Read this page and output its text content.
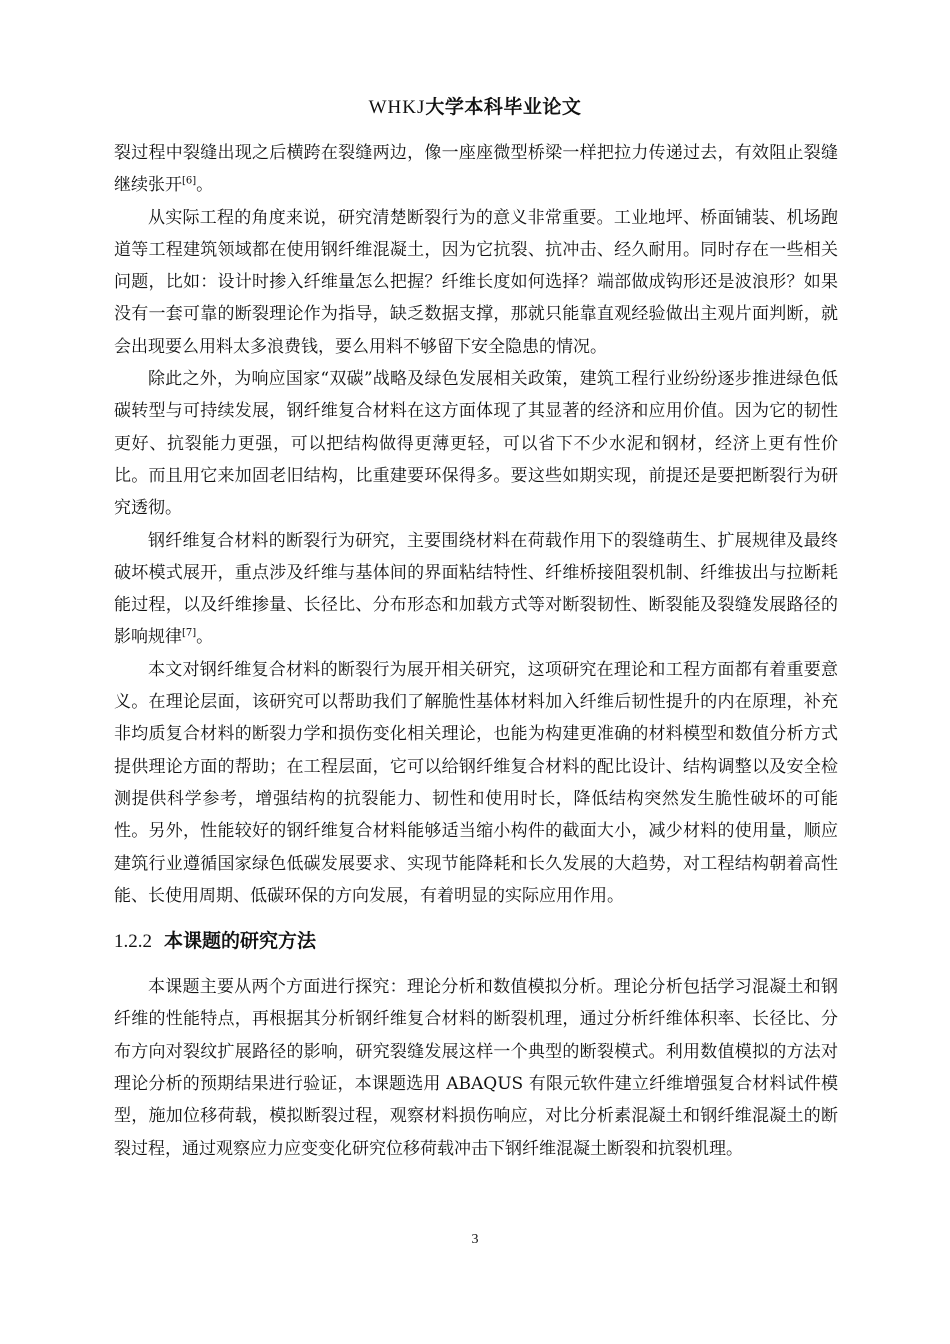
WHKJ大学本科毕业论文

裂过程中裂缝出现之后横跨在裂缝两边，像一座座微型桥梁一样把拉力传递过去，有效阻止裂缝继续张开[6]。

从实际工程的角度来说，研究清楚断裂行为的意义非常重要。工业地坪、桥面铺装、机场跑道等工程建筑领域都在使用钢纤维混凝土，因为它抗裂、抗冲击、经久耐用。同时存在一些相关问题，比如：设计时掺入纤维量怎么把握？纤维长度如何选择？端部做成钩形还是波浪形？如果没有一套可靠的断裂理论作为指导，缺乏数据支撑，那就只能靠直观经验做出主观片面判断，就会出现要么用料太多浪费钱，要么用料不够留下安全隐患的情况。

除此之外，为响应国家“双碳”战略及绿色发展相关政策，建筑工程行业纷纷逐步推进绿色低碳转型与可持续发展，钢纤维复合材料在这方面体现了其显著的经济和应用价值。因为它的韧性更好、抗裂能力更强，可以把结构做得更薄更轻，可以省下不少水泥和钢材，经济上更有性价比。而且用它来加固老旧结构，比重建要环保得多。要这些如期实现，前提还是要把断裂行为研究透彻。

钢纤维复合材料的断裂行为研究，主要围绕材料在荷载作用下的裂缝萌生、扩展规律及最终破坏模式展开，重点涉及纤维与基体间的界面粘结特性、纤维桥接阻裂机制、纤维拔出与拉断耗能过程，以及纤维掺量、长径比、分布形态和加载方式等对断裂韧性、断裂能及裂缝发展路径的影响规律[7]。

本文对钢纤维复合材料的断裂行为展开相关研究，这项研究在理论和工程方面都有着重要意义。在理论层面，该研究可以帮助我们了解脆性基体材料加入纤维后韧性提升的内在原理，补充非均质复合材料的断裂力学和损伤变化相关理论，也能为构建更准确的材料模型和数值分析方式提供理论方面的帮助；在工程层面，它可以给钢纤维复合材料的配比设计、结构调整以及安全检测提供科学参考，增强结构的抗裂能力、韧性和使用时长，降低结构突然发生脆性破坏的可能性。另外，性能较好的钢纤维复合材料能够适当缩小构件的截面大小，减少材料的使用量，顺应建筑行业遵循国家绿色低碳发展要求、实现节能降耗和长久发展的大趋势，对工程结构朝着高性能、长使用周期、低碳环保的方向发展，有着明显的实际应用作用。

1.2.2 本课题的研究方法

本课题主要从两个方面进行探究：理论分析和数值模拟分析。理论分析包括学习混凝土和钢纤维的性能特点，再根据其分析钢纤维复合材料的断裂机理，通过分析纤维体积率、长径比、分布方向对裂纹扩展路径的影响，研究裂缝发展这样一个典型的断裂模式。利用数值模拟的方法对理论分析的预期结果进行验证，本课题选用 ABAQUS 有限元软件建立纤维增强复合材料试件模型，施加位移荷载，模拟断裂过程，观察材料损伤响应，对比分析素混凝土和钢纤维混凝土的断裂过程，通过观察应力应变变化研究位移荷载冲击下钢纤维混凝土断裂和抗裂机理。

3
